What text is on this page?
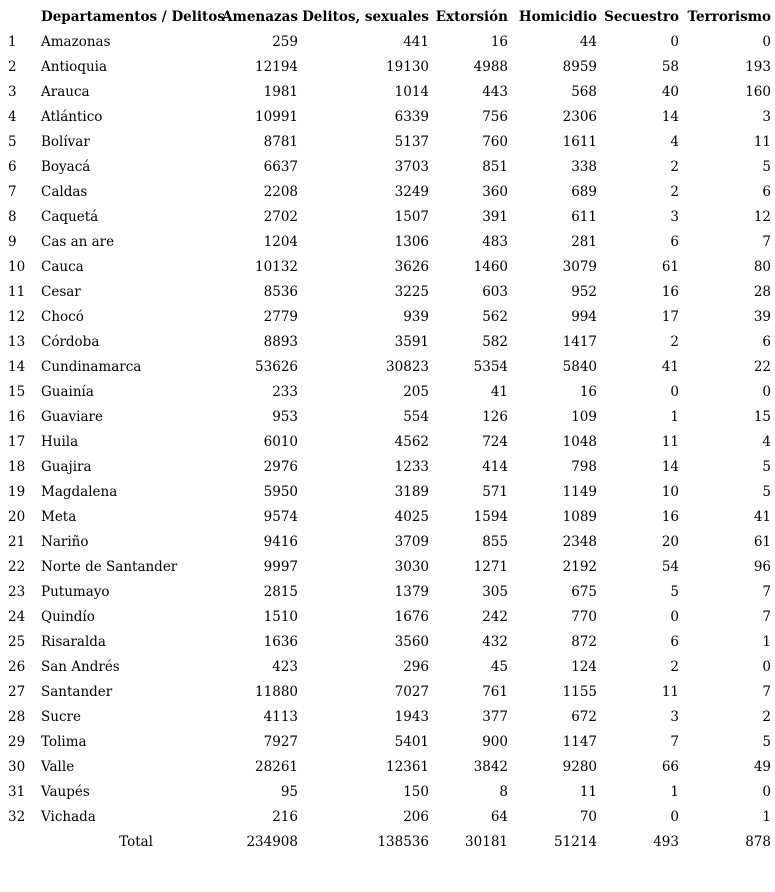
	Departamentos / Delitos	Amenazas	Delitos, sexuales	Extorsión	Homicidio	Secuestro	Terrorismo
1	Amazonas	259	441	16	44	0	0
2	Antioquia	12194	19130	4988	8959	58	193
3	Arauca	1981	1014	443	568	40	160
4	Atlántico	10991	6339	756	2306	14	3
5	Bolívar	8781	5137	760	1611	4	11
6	Boyacá	6637	3703	851	338	2	5
7	Caldas	2208	3249	360	689	2	6
8	Caquetá	2702	1507	391	611	3	12
9	Cas an are	1204	1306	483	281	6	7
10	Cauca	10132	3626	1460	3079	61	80
11	Cesar	8536	3225	603	952	16	28
12	Chocó	2779	939	562	994	17	39
13	Córdoba	8893	3591	582	1417	2	6
14	Cundinamarca	53626	30823	5354	5840	41	22
15	Guainía	233	205	41	16	0	0
16	Guaviare	953	554	126	109	1	15
17	Huila	6010	4562	724	1048	11	4
18	Guajira	2976	1233	414	798	14	5
19	Magdalena	5950	3189	571	1149	10	5
20	Meta	9574	4025	1594	1089	16	41
21	Nariño	9416	3709	855	2348	20	61
22	Norte de Santander	9997	3030	1271	2192	54	96
23	Putumayo	2815	1379	305	675	5	7
24	Quindío	1510	1676	242	770	0	7
25	Risaralda	1636	3560	432	872	6	1
26	San Andrés	423	296	45	124	2	0
27	Santander	11880	7027	761	1155	11	7
28	Sucre	4113	1943	377	672	3	2
29	Tolima	7927	5401	900	1147	7	5
30	Valle	28261	12361	3842	9280	66	49
31	Vaupés	95	150	8	11	1	0
32	Vichada	216	206	64	70	0	1
	Total	234908	138536	30181	51214	493	878
